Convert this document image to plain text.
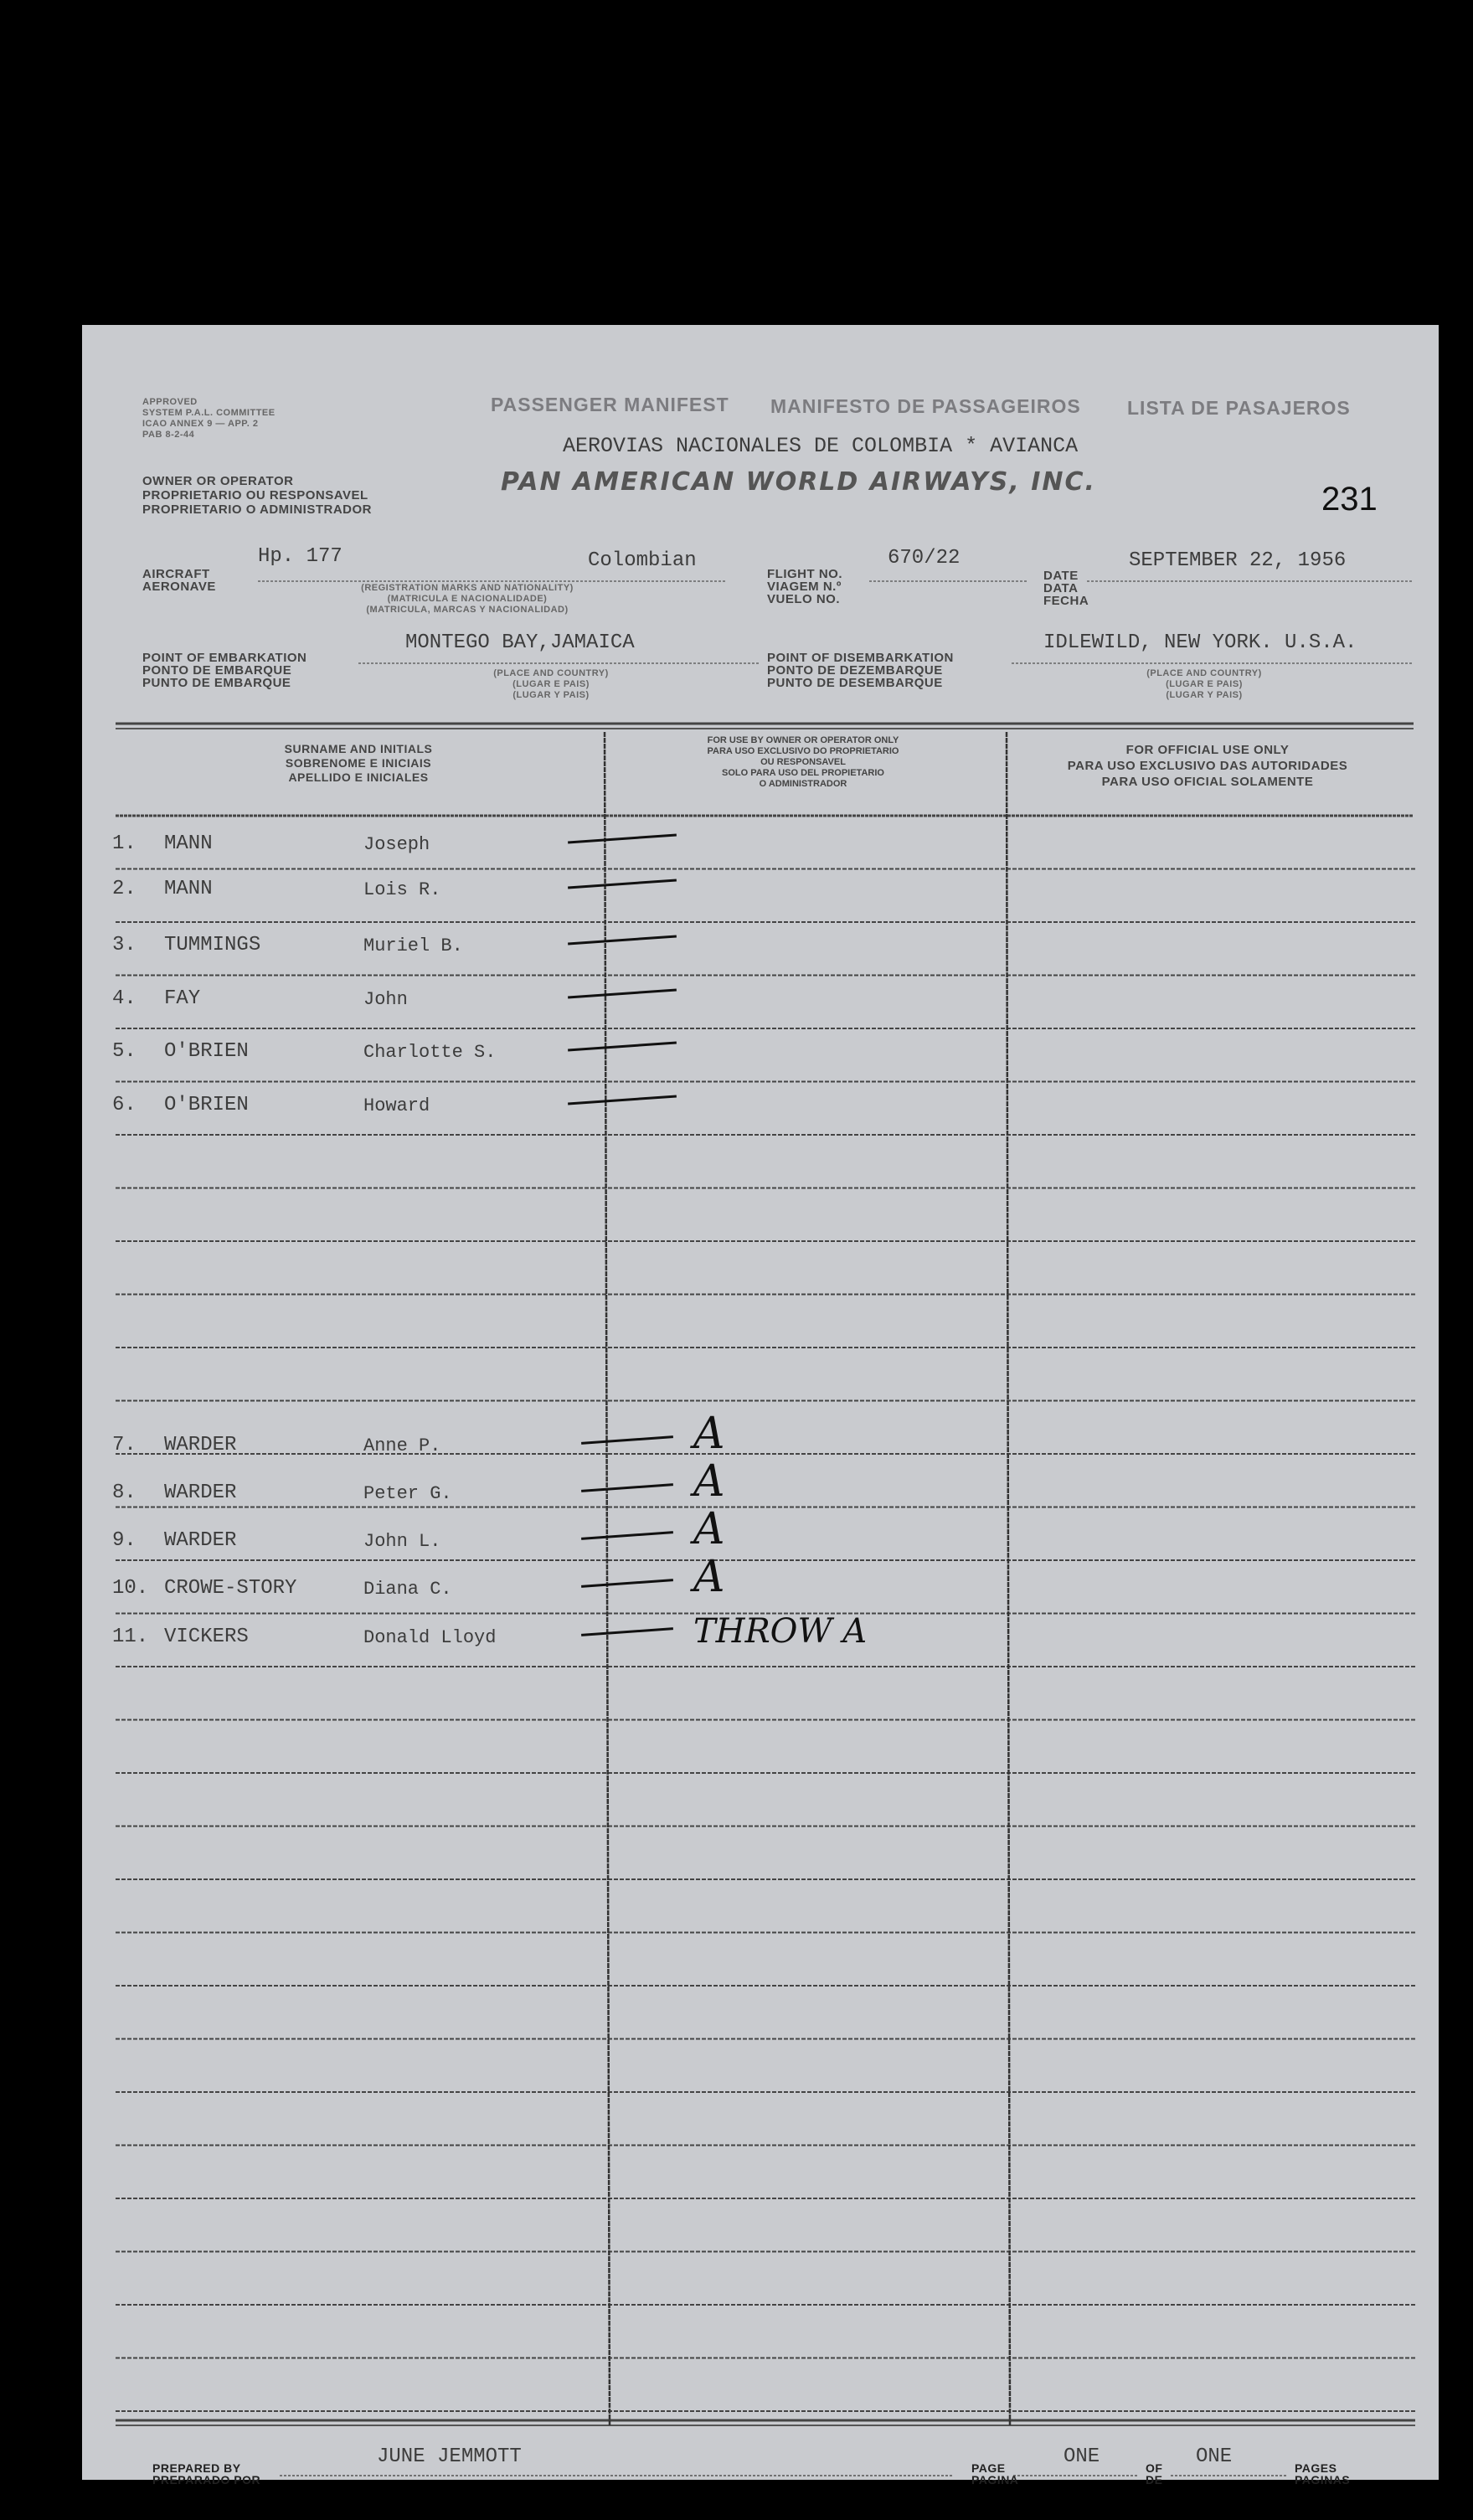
APPROVED
SYSTEM P.A.L. COMMITTEE
ICAO ANNEX 9 — APP. 2
PAB 8-2-44
OWNER OR OPERATOR
PROPRIETARIO OU RESPONSAVEL
PROPRIETARIO O ADMINISTRADOR
PASSENGER MANIFEST MANIFESTO DE PASSAGEIROS LISTA DE PASAJEROS
AEROVIAS NACIONALES DE COLOMBIA * AVIANCA
PAN AMERICAN WORLD AIRWAYS, INC.	231
AIRCRAFT
AERONAVE
Hp. 177	Colombian
(REGISTRATION MARKS AND NATIONALITY)
(MATRICULA E NACIONALIDADE)
(MATRICULA, MARCAS Y NACIONALIDAD)
FLIGHT NO.
VIAGEM N.º
VUELO NO.
670/22
DATE
DATA
FECHA
SEPTEMBER 22, 1956
POINT OF EMBARKATION
PONTO DE EMBARQUE
PUNTO DE EMBARQUE
MONTEGO BAY,JAMAICA
(PLACE AND COUNTRY)
(LUGAR E PAIS)
(LUGAR Y PAIS)
POINT OF DISEMBARKATION
PONTO DE DEZEMBARQUE
PUNTO DE DESEMBARQUE
IDLEWILD, NEW YORK. U.S.A.
(PLACE AND COUNTRY)
(LUGAR E PAIS)
(LUGAR Y PAIS)
SURNAME AND INITIALS
SOBRENOME E INICIAIS
APELLIDO E INICIALES
FOR USE BY OWNER OR OPERATOR ONLY
PARA USO EXCLUSIVO DO PROPRIETARIO
OU RESPONSAVEL
SOLO PARA USO DEL PROPIETARIO
O ADMINISTRADOR
FOR OFFICIAL USE ONLY
PARA USO EXCLUSIVO DAS AUTORIDADES
PARA USO OFICIAL SOLAMENTE
1. MANN	Joseph
2. MANN	Lois R.
3. TUMMINGS	Muriel B.
4. FAY	John
5. O'BRIEN	Charlotte S.
6. O'BRIEN	Howard
7. WARDER	Anne P.	A
8. WARDER	Peter G.	A
9. WARDER	John L.	A
10. CROWE-STORY	Diana C.	A
11. VICKERS	Donald Lloyd	THROW A
PREPARED BY
PREPARADO POR
JUNE JEMMOTT	PAGE
PAGINA
ONE	OF
DE
ONE	PAGES
PAGINAS
